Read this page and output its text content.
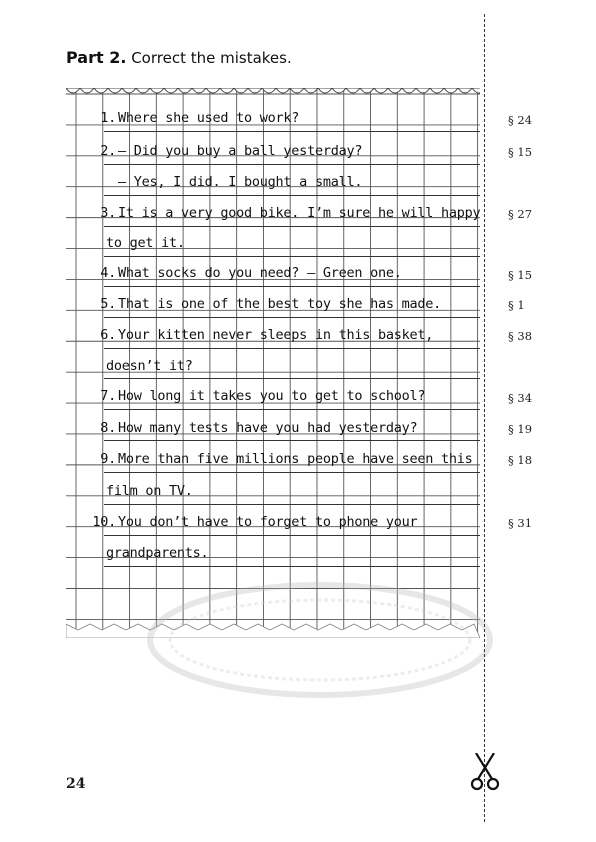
Part 2. Correct the mistakes.
1. Where she used to work?	§ 24
2. — Did you buy a ball yesterday?
— Yes, I did. I bought a small.
§ 15
3. It is a very good bike. I’m sure he will happy
to get it.
§ 27
4. What socks do you need? — Green one.	§ 15
5. That is one of the best toy she has made.	§ 1
6. Your kitten never sleeps in this basket,
doesn’t it?
§ 38
7. How long it takes you to get to school?	§ 34
8. How many tests have you had yesterday?	§ 19
9. More than five millions people have seen this
film on TV.
§ 18
10. You don’t have to forget to phone your
grandparents.
§ 31
24
